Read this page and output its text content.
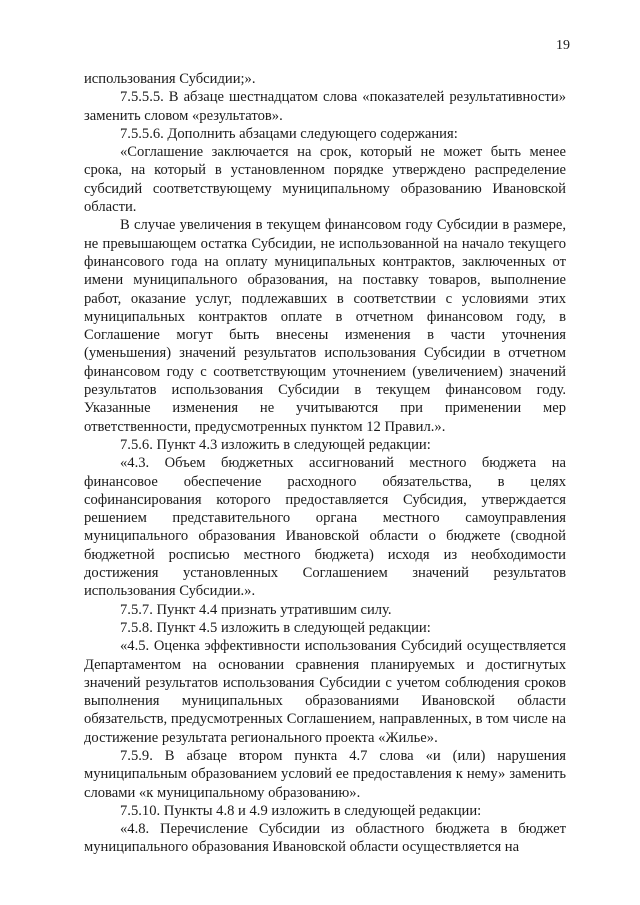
19

использования Субсидии;».

7.5.5.5. В абзаце шестнадцатом слова «показателей результативности» заменить словом «результатов».

7.5.5.6. Дополнить абзацами следующего содержания:

«Соглашение заключается на срок, который не может быть менее срока, на который в установленном порядке утверждено распределение субсидий соответствующему муниципальному образованию Ивановской области.

В случае увеличения в текущем финансовом году Субсидии в размере, не превышающем остатка Субсидии, не использованной на начало текущего финансового года на оплату муниципальных контрактов, заключенных от имени муниципального образования, на поставку товаров, выполнение работ, оказание услуг, подлежавших в соответствии с условиями этих муниципальных контрактов оплате в отчетном финансовом году, в Соглашение могут быть внесены изменения в части уточнения (уменьшения) значений результатов использования Субсидии в отчетном финансовом году с соответствующим уточнением (увеличением) значений результатов использования Субсидии в текущем финансовом году. Указанные изменения не учитываются при применении мер ответственности, предусмотренных пунктом 12 Правил.».

7.5.6. Пункт 4.3 изложить в следующей редакции:

«4.3. Объем бюджетных ассигнований местного бюджета на финансовое обеспечение расходного обязательства, в целях софинансирования которого предоставляется Субсидия, утверждается решением представительного органа местного самоуправления муниципального образования Ивановской области о бюджете (сводной бюджетной росписью местного бюджета) исходя из необходимости достижения установленных Соглашением значений результатов использования Субсидии.».

7.5.7. Пункт 4.4 признать утратившим силу.

7.5.8. Пункт 4.5 изложить в следующей редакции:

«4.5. Оценка эффективности использования Субсидий осуществляется Департаментом на основании сравнения планируемых и достигнутых значений результатов использования Субсидии с учетом соблюдения сроков выполнения муниципальных образованиями Ивановской области обязательств, предусмотренных Соглашением, направленных, в том числе на достижение результата регионального проекта «Жилье».

7.5.9. В абзаце втором пункта 4.7 слова «и (или) нарушения муниципальным образованием условий ее предоставления к нему» заменить словами «к муниципальному образованию».

7.5.10. Пункты 4.8 и 4.9 изложить в следующей редакции:

«4.8. Перечисление Субсидии из областного бюджета в бюджет муниципального образования Ивановской области осуществляется на
